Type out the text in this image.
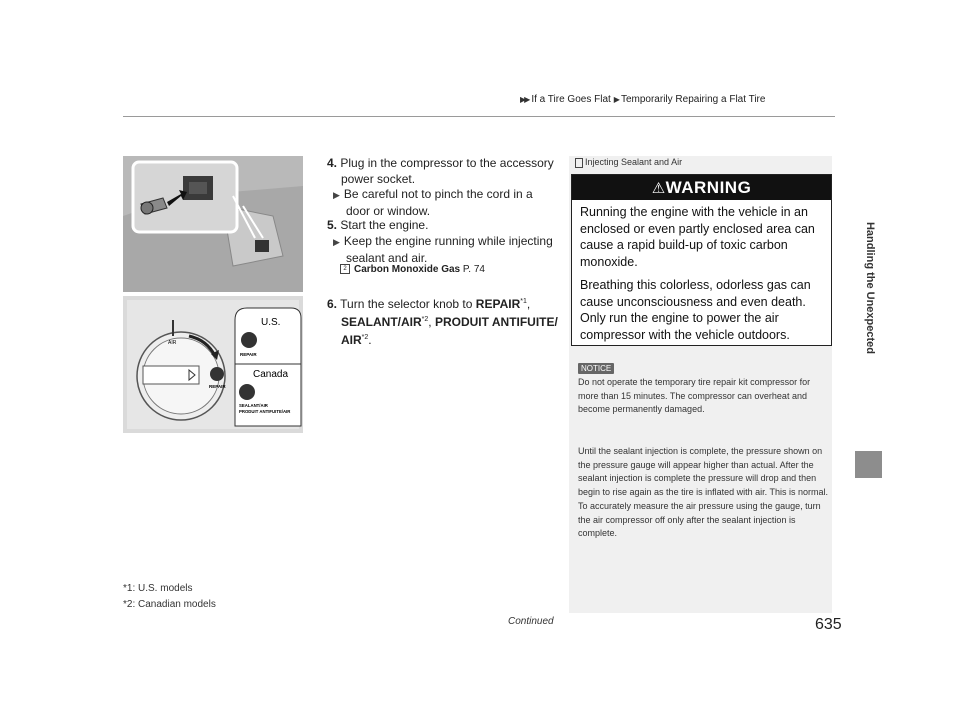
▶▶ If a Tire Goes Flat ▶ Temporarily Repairing a Flat Tire
Handling the Unexpected
AIR
REPAIR
U.S.
REPAIR
Canada
SEALANT/AIR
PRODUIT ANTIFUITE/AIR
4. Plug in the compressor to the accessory
power socket.
▶ Be careful not to pinch the cord in a
door or window.
5. Start the engine.
▶ Keep the engine running while injecting
sealant and air.
2 Carbon Monoxide Gas P. 74
6. Turn the selector knob to REPAIR$^{*1}$,
SEALANT/AIR$^{*2}$, PRODUIT ANTIFUITE/
AIR$^{*2}$.
*1: U.S. models
*2: Canadian models
Injecting Sealant and Air
⚠WARNING
Running the engine with the vehicle in an enclosed or even partly enclosed area can cause a rapid build-up of toxic carbon monoxide.
Breathing this colorless, odorless gas can cause unconsciousness and even death. Only run the engine to power the air compressor with the vehicle outdoors.
NOTICE
Do not operate the temporary tire repair kit compressor for more than 15 minutes. The compressor can overheat and become permanently damaged.
Until the sealant injection is complete, the pressure shown on the pressure gauge will appear higher than actual. After the sealant injection is complete the pressure will drop and then begin to rise again as the tire is inflated with air. This is normal. To accurately measure the air pressure using the gauge, turn the air compressor off only after the sealant injection is complete.
Continued	635
